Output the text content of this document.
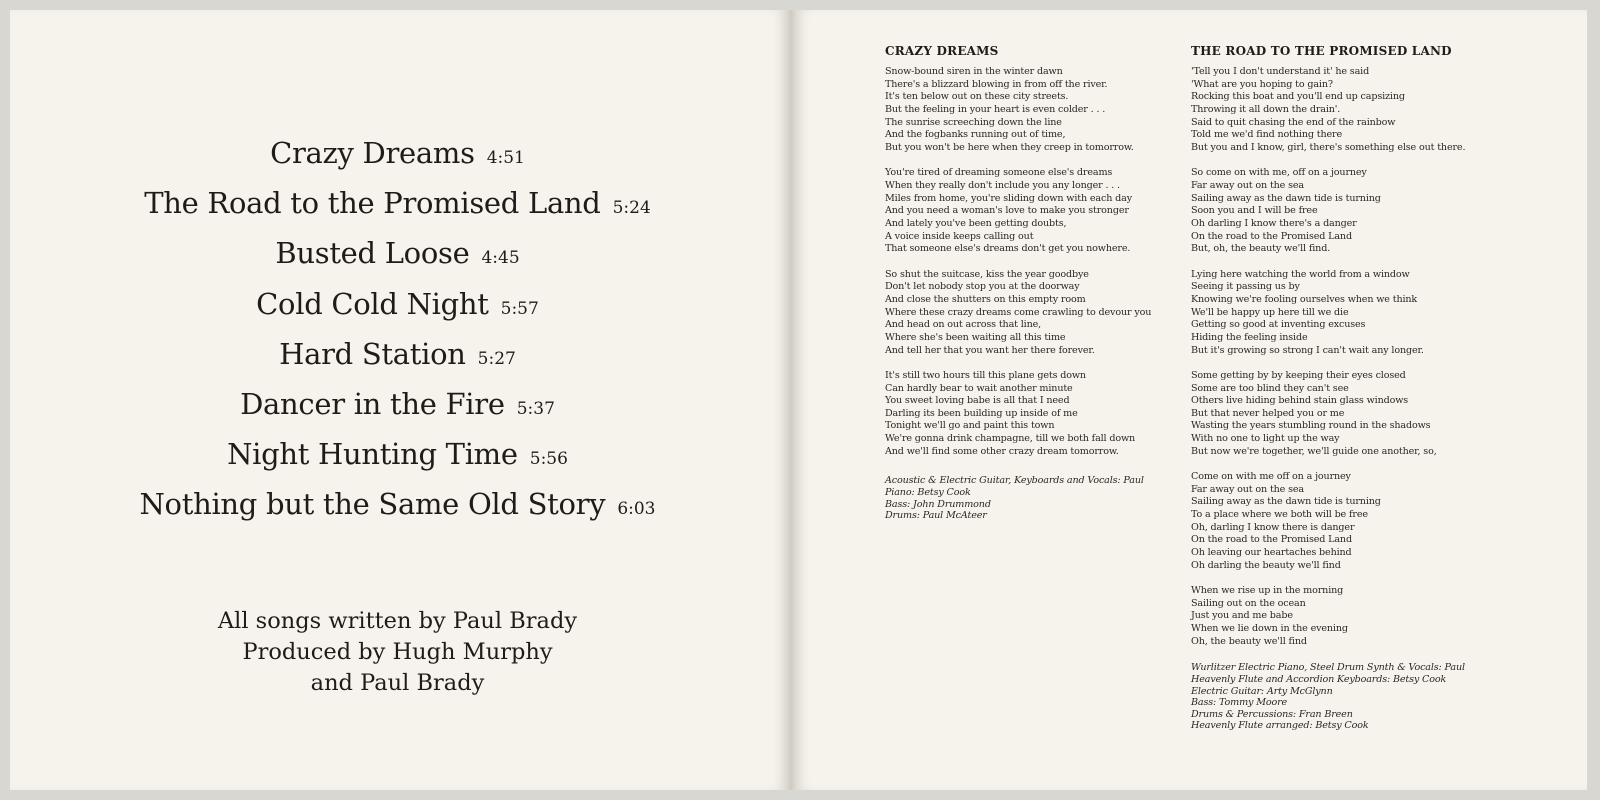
Crazy Dreams 4:51
The Road to the Promised Land 5:24
Busted Loose 4:45
Cold Cold Night 5:57
Hard Station 5:27
Dancer in the Fire 5:37
Night Hunting Time 5:56
Nothing but the Same Old Story 6:03
All songs written by Paul Brady
Produced by Hugh Murphy
and Paul Brady
CRAZY DREAMS
Snow-bound siren in the winter dawn
There's a blizzard blowing in from off the river.
It's ten below out on these city streets.
But the feeling in your heart is even colder . . .
The sunrise screeching down the line
And the fogbanks running out of time,
But you won't be here when they creep in tomorrow.
You're tired of dreaming someone else's dreams
When they really don't include you any longer . . .
Miles from home, you're sliding down with each day
And you need a woman's love to make you stronger
And lately you've been getting doubts,
A voice inside keeps calling out
That someone else's dreams don't get you nowhere.
So shut the suitcase, kiss the year goodbye
Don't let nobody stop you at the doorway
And close the shutters on this empty room
Where these crazy dreams come crawling to devour you
And head on out across that line,
Where she's been waiting all this time
And tell her that you want her there forever.
It's still two hours till this plane gets down
Can hardly bear to wait another minute
You sweet loving babe is all that I need
Darling its been building up inside of me
Tonight we'll go and paint this town
We're gonna drink champagne, till we both fall down
And we'll find some other crazy dream tomorrow.
Acoustic & Electric Guitar, Keyboards and Vocals: Paul
Piano: Betsy Cook
Bass: John Drummond
Drums: Paul McAteer
THE ROAD TO THE PROMISED LAND
'Tell you I don't understand it' he said
'What are you hoping to gain?
Rocking this boat and you'll end up capsizing
Throwing it all down the drain'.
Said to quit chasing the end of the rainbow
Told me we'd find nothing there
But you and I know, girl, there's something else out there.
So come on with me, off on a journey
Far away out on the sea
Sailing away as the dawn tide is turning
Soon you and I will be free
Oh darling I know there's a danger
On the road to the Promised Land
But, oh, the beauty we'll find.
Lying here watching the world from a window
Seeing it passing us by
Knowing we're fooling ourselves when we think
We'll be happy up here till we die
Getting so good at inventing excuses
Hiding the feeling inside
But it's growing so strong I can't wait any longer.
Some getting by by keeping their eyes closed
Some are too blind they can't see
Others live hiding behind stain glass windows
But that never helped you or me
Wasting the years stumbling round in the shadows
With no one to light up the way
But now we're together, we'll guide one another, so,
Come on with me off on a journey
Far away out on the sea
Sailing away as the dawn tide is turning
To a place where we both will be free
Oh, darling I know there is danger
On the road to the Promised Land
Oh leaving our heartaches behind
Oh darling the beauty we'll find
When we rise up in the morning
Sailing out on the ocean
Just you and me babe
When we lie down in the evening
Oh, the beauty we'll find
Wurlitzer Electric Piano, Steel Drum Synth & Vocals: Paul
Heavenly Flute and Accordion Keyboards: Betsy Cook
Electric Guitar: Arty McGlynn
Bass: Tommy Moore
Drums & Percussions: Fran Breen
Heavenly Flute arranged: Betsy Cook
